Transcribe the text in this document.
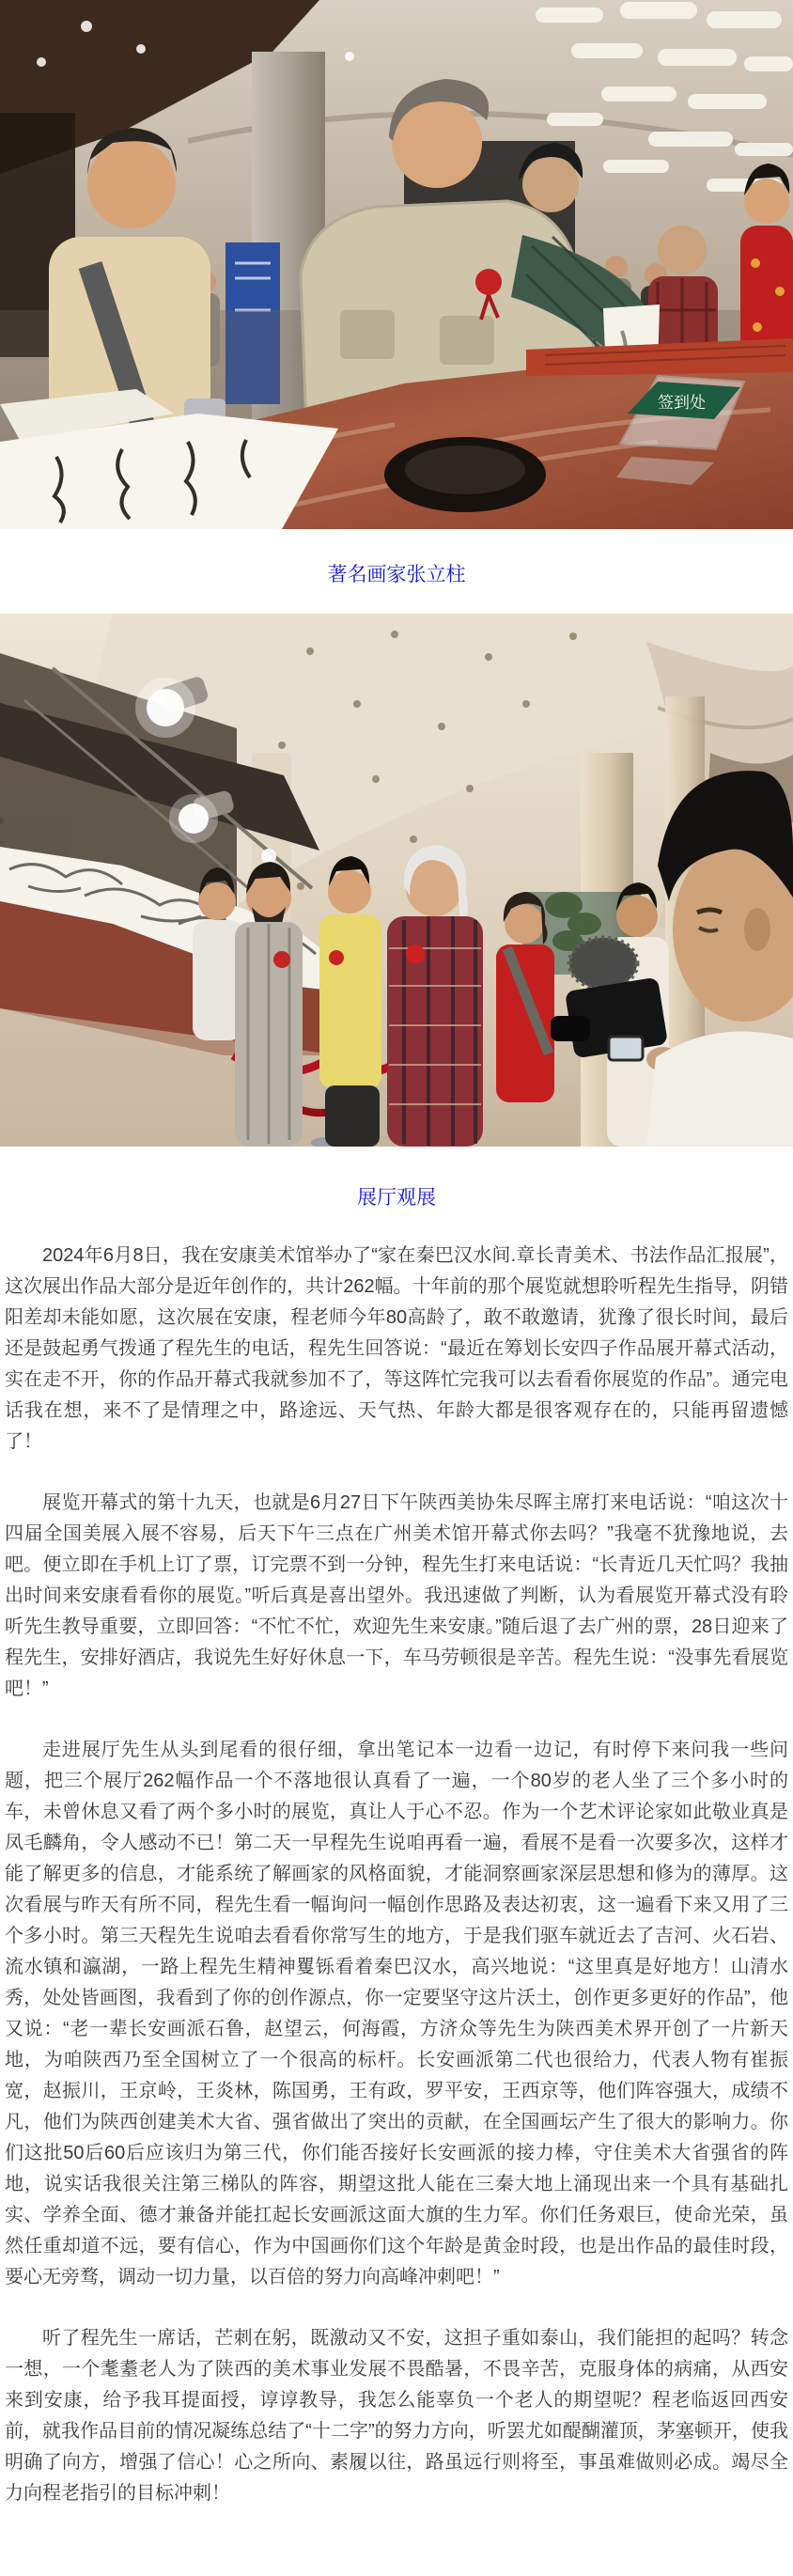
签到处
著名画家张立柱
展厅观展

2024年6月8日，我在安康美术馆举办了“家在秦巴汉水间.章长青美术、书法作品汇报展”，这次展出作品大部分是近年创作的，共计262幅。十年前的那个展览就想聆听程先生指导，阴错阳差却未能如愿，这次展在安康，程老师今年80高龄了，敢不敢邀请，犹豫了很长时间，最后还是鼓起勇气拨通了程先生的电话，程先生回答说：“最近在筹划长安四子作品展开幕式活动，实在走不开，你的作品开幕式我就参加不了，等这阵忙完我可以去看看你展览的作品”。通完电话我在想，来不了是情理之中，路途远、天气热、年龄大都是很客观存在的，只能再留遗憾了！

展览开幕式的第十九天，也就是6月27日下午陕西美协朱尽晖主席打来电话说：“咱这次十四届全国美展入展不容易，后天下午三点在广州美术馆开幕式你去吗？”我毫不犹豫地说，去吧。便立即在手机上订了票，订完票不到一分钟，程先生打来电话说：“长青近几天忙吗？我抽出时间来安康看看你的展览。”听后真是喜出望外。我迅速做了判断，认为看展览开幕式没有聆听先生教导重要，立即回答：“不忙不忙，欢迎先生来安康。”随后退了去广州的票，28日迎来了程先生，安排好酒店，我说先生好好休息一下，车马劳顿很是辛苦。程先生说：“没事先看展览吧！”

走进展厅先生从头到尾看的很仔细，拿出笔记本一边看一边记，有时停下来问我一些问题，把三个展厅262幅作品一个不落地很认真看了一遍，一个80岁的老人坐了三个多小时的车，未曾休息又看了两个多小时的展览，真让人于心不忍。作为一个艺术评论家如此敬业真是凤毛麟角，令人感动不已！第二天一早程先生说咱再看一遍，看展不是看一次要多次，这样才能了解更多的信息，才能系统了解画家的风格面貌，才能洞察画家深层思想和修为的薄厚。这次看展与昨天有所不同，程先生看一幅询问一幅创作思路及表达初衷，这一遍看下来又用了三个多小时。第三天程先生说咱去看看你常写生的地方，于是我们驱车就近去了吉河、火石岩、流水镇和瀛湖，一路上程先生精神矍铄看着秦巴汉水，高兴地说：“这里真是好地方！山清水秀，处处皆画图，我看到了你的创作源点，你一定要坚守这片沃土，创作更多更好的作品”，他又说：“老一辈长安画派石鲁，赵望云，何海霞，方济众等先生为陕西美术界开创了一片新天地，为咱陕西乃至全国树立了一个很高的标杆。长安画派第二代也很给力，代表人物有崔振宽，赵振川，王京岭，王炎林，陈国勇，王有政，罗平安，王西京等，他们阵容强大，成绩不凡，他们为陕西创建美术大省、强省做出了突出的贡献，在全国画坛产生了很大的影响力。你们这批50后60后应该归为第三代，你们能否接好长安画派的接力棒，守住美术大省强省的阵地，说实话我很关注第三梯队的阵容，期望这批人能在三秦大地上涌现出来一个具有基础扎实、学养全面、德才兼备并能扛起长安画派这面大旗的生力军。你们任务艰巨，使命光荣，虽然任重却道不远，要有信心，作为中国画你们这个年龄是黄金时段，也是出作品的最佳时段，要心无旁骛，调动一切力量，以百倍的努力向高峰冲刺吧！”

听了程先生一席话，芒刺在躬，既激动又不安，这担子重如泰山，我们能担的起吗？转念一想，一个耄耋老人为了陕西的美术事业发展不畏酷暑，不畏辛苦，克服身体的病痛，从西安来到安康，给予我耳提面授，谆谆教导，我怎么能辜负一个老人的期望呢？程老临返回西安前，就我作品目前的情况凝练总结了“十二字”的努力方向，听罢尤如醍醐灌顶，茅塞顿开，使我明确了向方，增强了信心！心之所向、素履以往，路虽远行则将至，事虽难做则必成。竭尽全力向程老指引的目标冲刺！
